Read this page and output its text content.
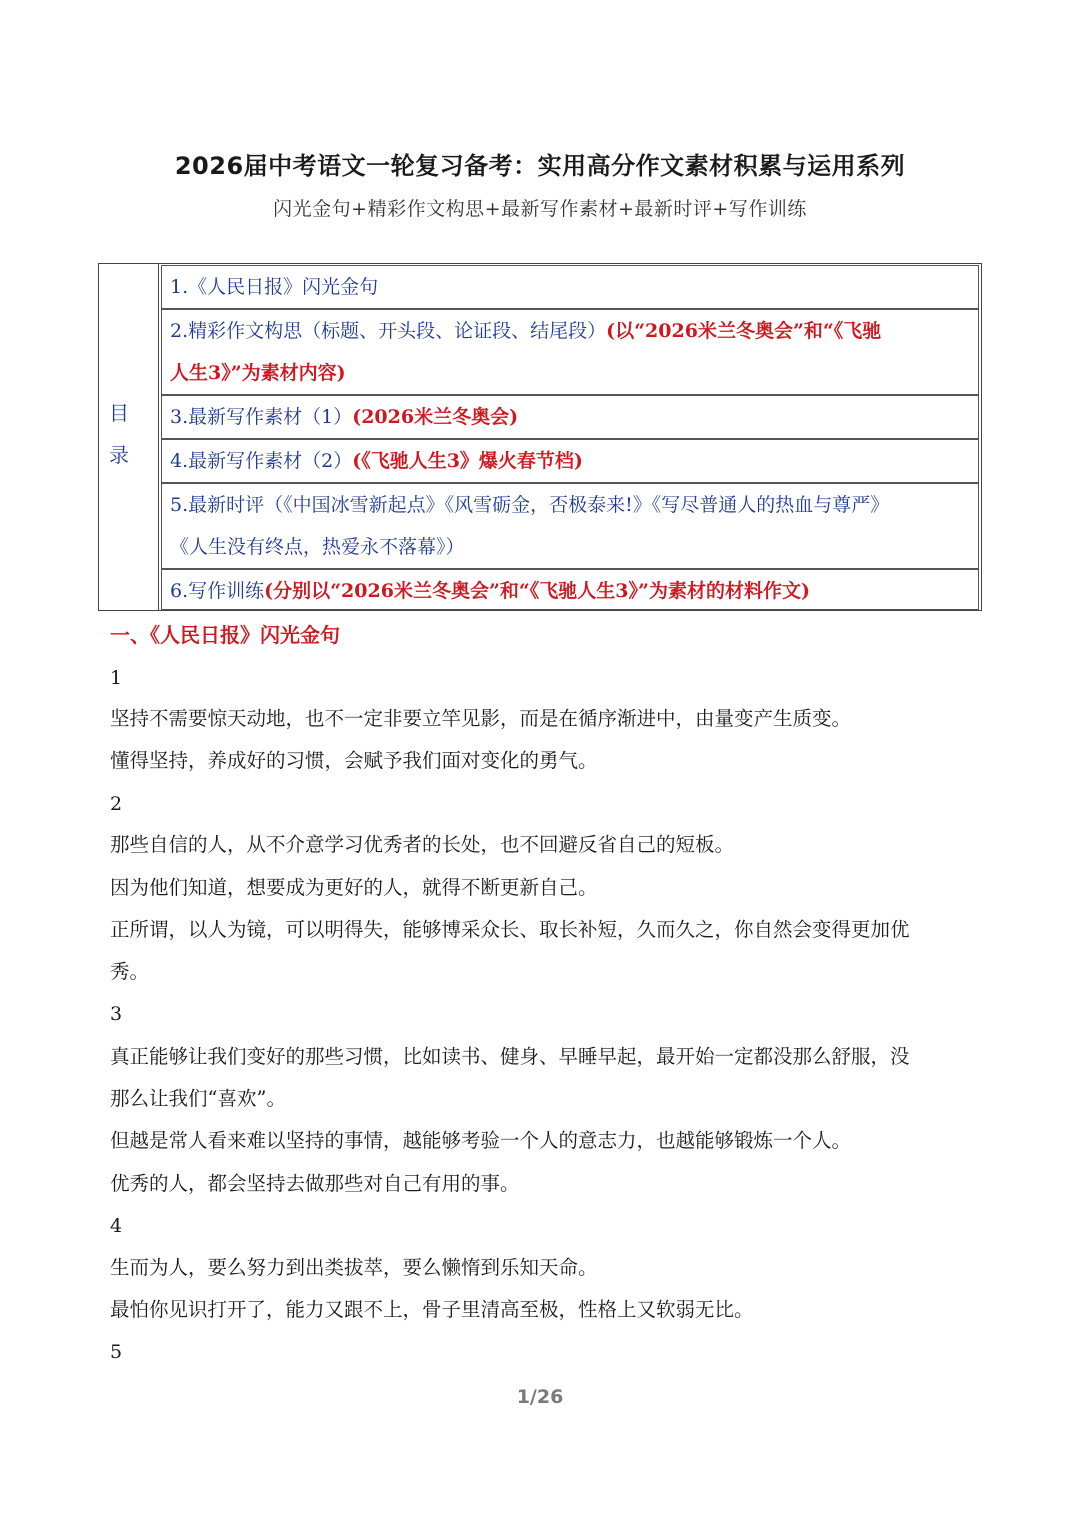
2026届中考语文一轮复习备考：实用高分作文素材积累与运用系列
闪光金句+精彩作文构思+最新写作素材+最新时评+写作训练
目录
1.《人民日报》闪光金句
2.精彩作文构思（标题、开头段、论证段、结尾段）(以“2026米兰冬奥会”和“《飞驰
人生3》”为素材内容)
3.最新写作素材（1）(2026米兰冬奥会)
4.最新写作素材（2）(《飞驰人生3》爆火春节档)
5.最新时评（《中国冰雪新起点》《风雪砺金，否极泰来!》《写尽普通人的热血与尊严》
《人生没有终点，热爱永不落幕》）
6.写作训练(分别以“2026米兰冬奥会”和“《飞驰人生3》”为素材的材料作文)
一、《人民日报》闪光金句
1
坚持不需要惊天动地，也不一定非要立竿见影，而是在循序渐进中，由量变产生质变。
懂得坚持，养成好的习惯，会赋予我们面对变化的勇气。
2
那些自信的人，从不介意学习优秀者的长处，也不回避反省自己的短板。
因为他们知道，想要成为更好的人，就得不断更新自己。
正所谓，以人为镜，可以明得失，能够博采众长、取长补短，久而久之，你自然会变得更加优
秀。
3
真正能够让我们变好的那些习惯，比如读书、健身、早睡早起，最开始一定都没那么舒服，没
那么让我们“喜欢”。
但越是常人看来难以坚持的事情，越能够考验一个人的意志力，也越能够锻炼一个人。
优秀的人，都会坚持去做那些对自己有用的事。
4
生而为人，要么努力到出类拔萃，要么懒惰到乐知天命。
最怕你见识打开了，能力又跟不上，骨子里清高至极，性格上又软弱无比。
5
1/26
